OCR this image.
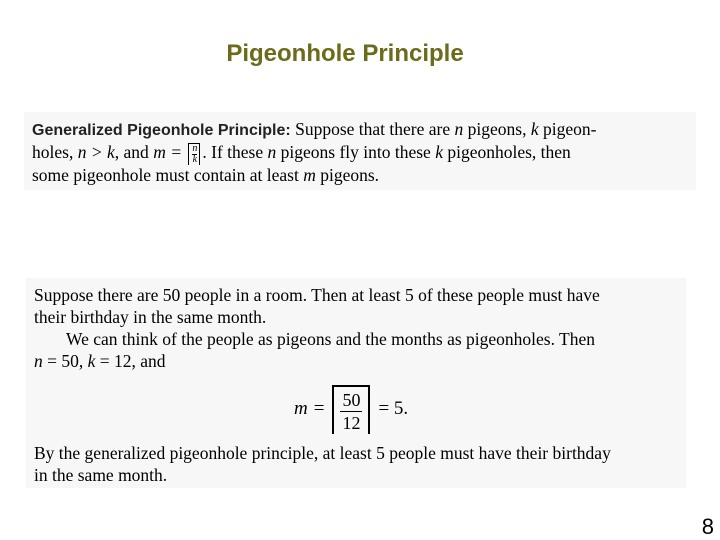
Pigeonhole Principle
Generalized Pigeonhole Principle: Suppose that there are n pigeons, k pigeon-
holes, n > k, and $m = \frac{n}{k}$ . If these n pigeons fly into these k pigeonholes, then
some pigeonhole must contain at least m pigeons.
Suppose there are 50 people in a room. Then at least 5 of these people must have
their birthday in the same month.
We can think of the people as pigeons and the months as pigeonholes. Then
n = 50, k = 12, and
$m = \frac{50}{12} = 5$.
By the generalized pigeonhole principle, at least 5 people must have their birthday
in the same month.
8
